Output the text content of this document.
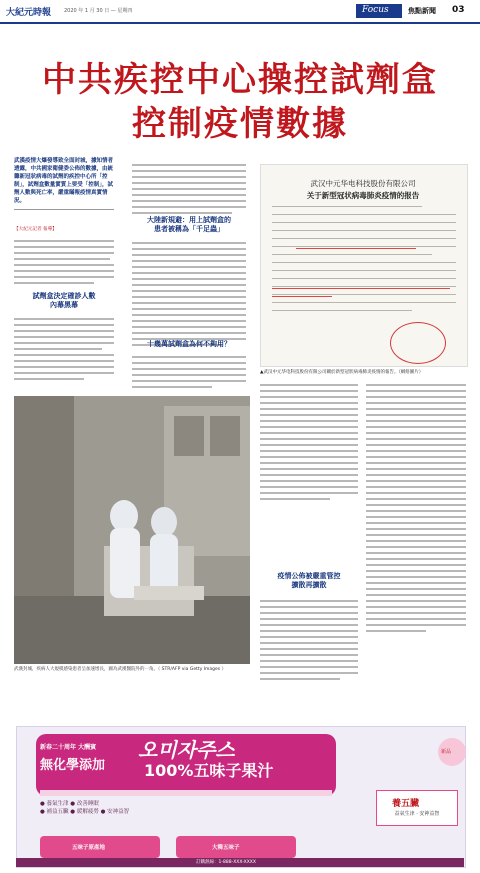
大紀元時報	2020 年 1 月 30 日 — 星期四	Focus	焦點新聞 03
中共疾控中心操控試劑盒
控制疫情數據
武漢疫情大爆發導致全面封城，據知情者透露，中共國家衛健委公佈的數據，由統籌新冠狀病毒的試劑的疾控中心所「控制」，試劑盒數量實質上要受「控制」，試劑人數與死亡率，嚴重瞞報疫情真實情況。
【大紀元記者 報導】
試劑盒決定確診人數
內幕黑幕
大陸新規避：用上試劑盒的
患者被稱為「千足蟲」
十幾萬試劑盒為何不夠用？
武汉中元华电科技股份有限公司
关于新型冠状病毒肺炎疫情的报告
▲武汉中元华电科技股份有限公司關於新型冠狀病毒肺炎疫情的報告。（網絡圖片）
疫情公佈被嚴重管控
擴散再擴散
武漢封城，疾病人大規模感染患者呈加速增長，圖為武漢醫院外的一角。（ STR/AFP via Getty Images ）
新春二十周年 大酬賓
無化學添加
오미자주스
100%五味子果汁
● 養氣生津 ● 改善睡眠
● 補益五臟 ● 緩解疲勞 ● 安神益智
五味子原產地	大韓五味子
養五臟
益氣生津 · 安神益智
新品
訂購熱線：1-888-XXX-XXXX
